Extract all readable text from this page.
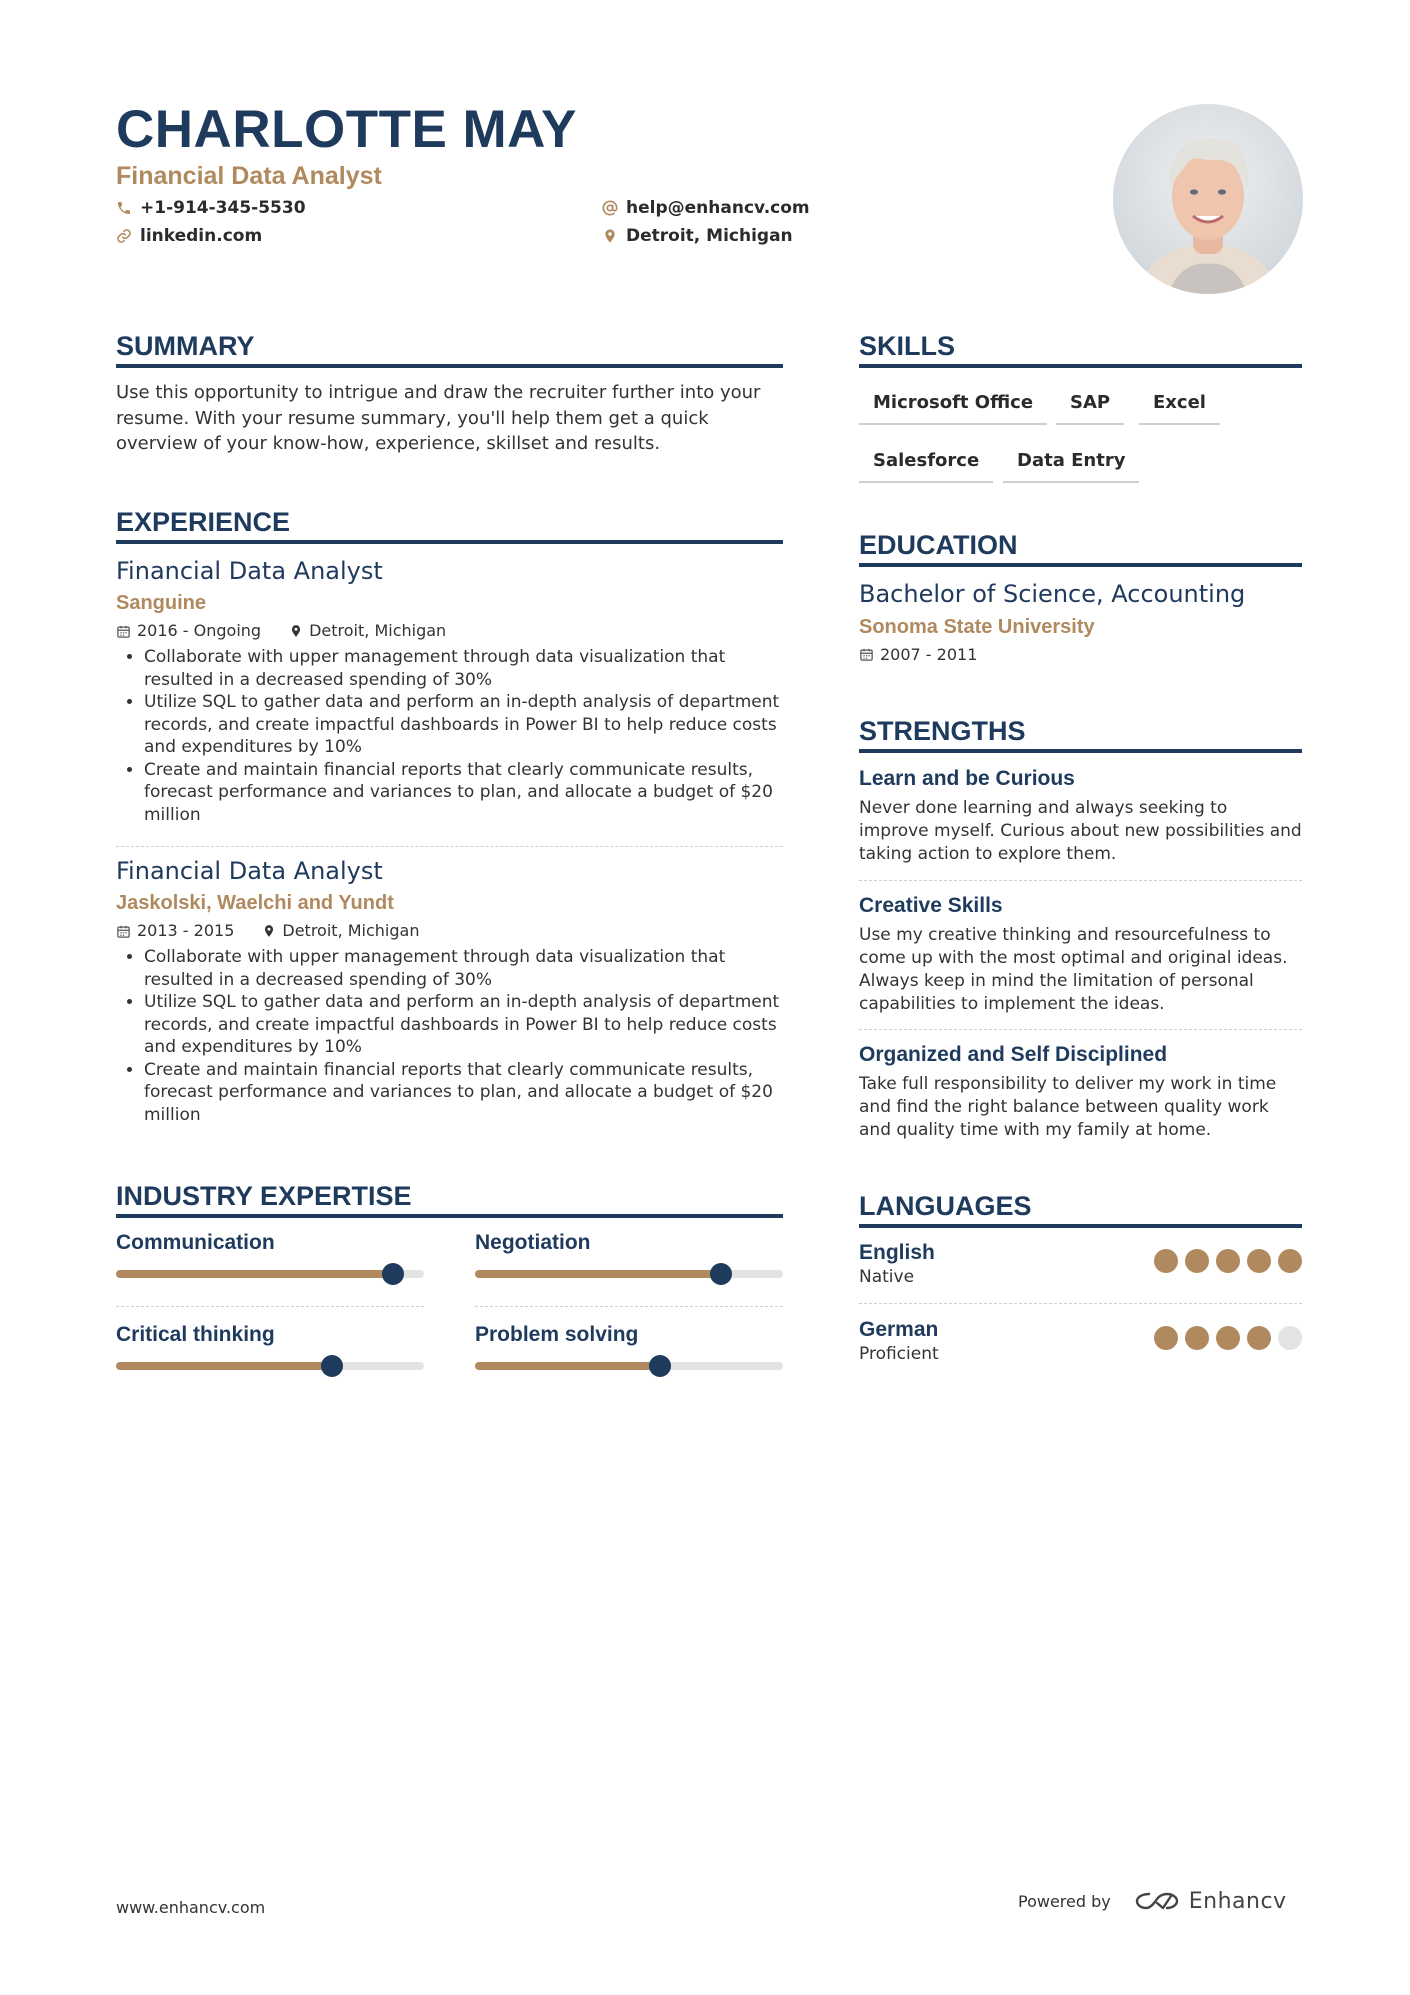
CHARLOTTE MAY
Financial Data Analyst
+1-914-345-5530
linkedin.com
help@enhancv.com
Detroit, Michigan
SUMMARY
Use this opportunity to intrigue and draw the recruiter further into your resume. With your resume summary, you'll help them get a quick overview of your know-how, experience, skillset and results.
EXPERIENCE
Financial Data Analyst
Sanguine
2016 - Ongoing	Detroit, Michigan
• Collaborate with upper management through data visualization that resulted in a decreased spending of 30%
• Utilize SQL to gather data and perform an in-depth analysis of department records, and create impactful dashboards in Power BI to help reduce costs and expenditures by 10%
• Create and maintain financial reports that clearly communicate results, forecast performance and variances to plan, and allocate a budget of $20 million
Financial Data Analyst
Jaskolski, Waelchi and Yundt
2013 - 2015	Detroit, Michigan
• Collaborate with upper management through data visualization that resulted in a decreased spending of 30%
• Utilize SQL to gather data and perform an in-depth analysis of department records, and create impactful dashboards in Power BI to help reduce costs and expenditures by 10%
• Create and maintain financial reports that clearly communicate results, forecast performance and variances to plan, and allocate a budget of $20 million
INDUSTRY EXPERTISE
Communication	Negotiation
Critical thinking	Problem solving
SKILLS
Microsoft Office	SAP	Excel
Salesforce	Data Entry
EDUCATION
Bachelor of Science, Accounting
Sonoma State University
2007 - 2011
STRENGTHS
Learn and be Curious
Never done learning and always seeking to improve myself. Curious about new possibilities and taking action to explore them.
Creative Skills
Use my creative thinking and resourcefulness to come up with the most optimal and original ideas. Always keep in mind the limitation of personal capabilities to implement the ideas.
Organized and Self Disciplined
Take full responsibility to deliver my work in time and find the right balance between quality work and quality time with my family at home.
LANGUAGES
English
Native
German
Proficient
www.enhancv.com	Powered by	Enhancv
